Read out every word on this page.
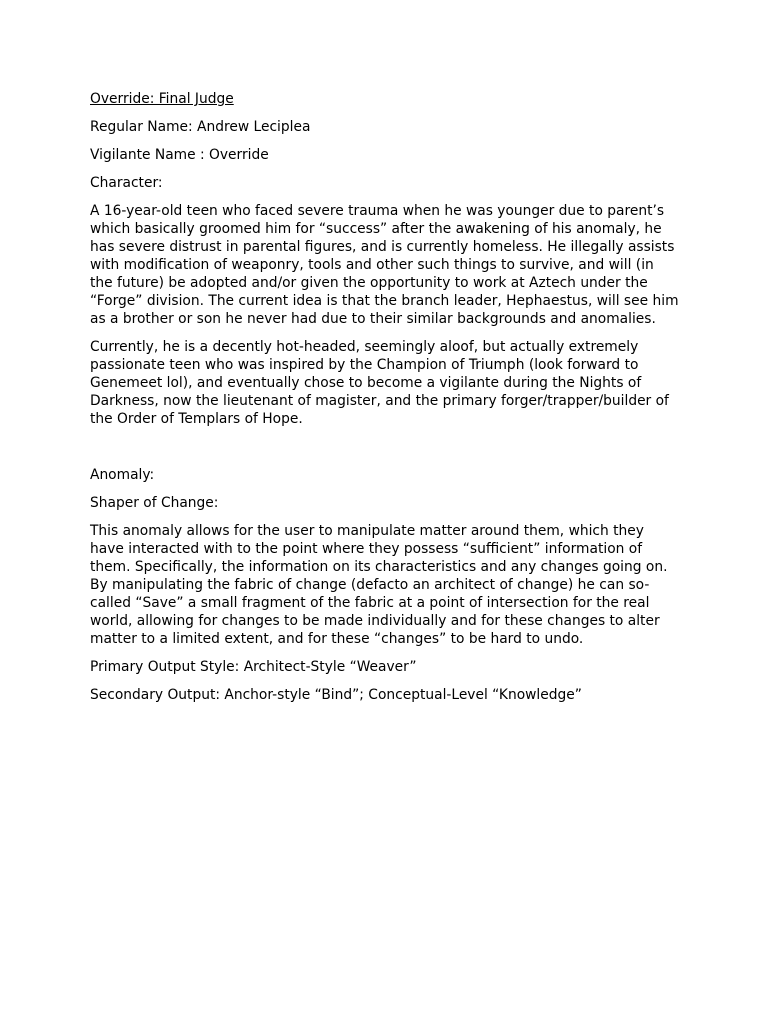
Override: Final Judge

Regular Name: Andrew Leciplea

Vigilante Name : Override

Character:

A 16-year-old teen who faced severe trauma when he was younger due to parent’s which basically groomed him for “success” after the awakening of his anomaly, he has severe distrust in parental figures, and is currently homeless. He illegally assists with modification of weaponry, tools and other such things to survive, and will (in the future) be adopted and/or given the opportunity to work at Aztech under the “Forge” division. The current idea is that the branch leader, Hephaestus, will see him as a brother or son he never had due to their similar backgrounds and anomalies.

Currently, he is a decently hot-headed, seemingly aloof, but actually extremely passionate teen who was inspired by the Champion of Triumph (look forward to Genemeet lol), and eventually chose to become a vigilante during the Nights of Darkness, now the lieutenant of magister, and the primary forger/trapper/builder of the Order of Templars of Hope.

Anomaly:

Shaper of Change:

This anomaly allows for the user to manipulate matter around them, which they have interacted with to the point where they possess “sufficient” information of them. Specifically, the information on its characteristics and any changes going on. By manipulating the fabric of change (defacto an architect of change) he can so-called “Save” a small fragment of the fabric at a point of intersection for the real world, allowing for changes to be made individually and for these changes to alter matter to a limited extent, and for these “changes” to be hard to undo.

Primary Output Style: Architect-Style “Weaver”

Secondary Output: Anchor-style “Bind”; Conceptual-Level “Knowledge”
